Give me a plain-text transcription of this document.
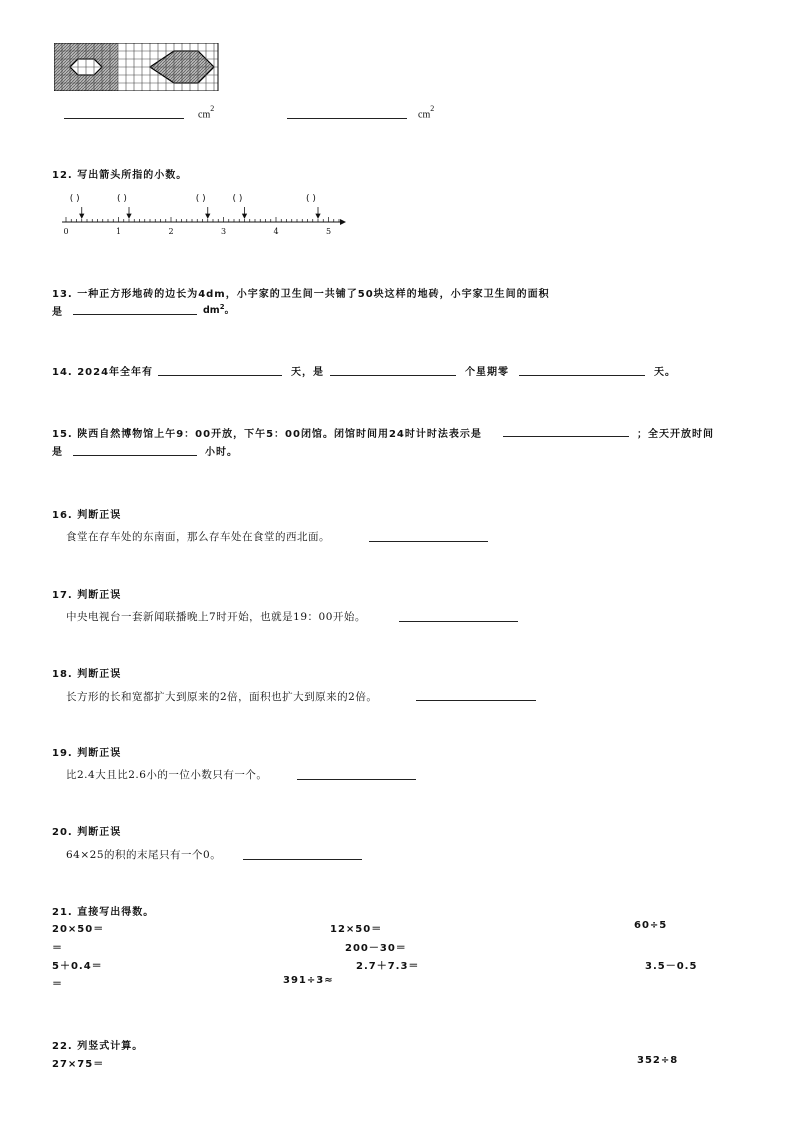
$cm^2$
$cm^2$
12. 写出箭头所指的小数。
0	1	2	3	4	5
( )	( )	( )	( )	( )
13. 一种正方形地砖的边长为4dm，小宇家的卫生间一共铺了50块这样的地砖，小宇家卫生间的面积
是	$dm^2$。
14. 2024年全年有	天，是	个星期零	天。
15. 陕西自然博物馆上午9：00开放，下午5：00闭馆。闭馆时间用24时计时法表示是	；全天开放时间
是	小时。
16. 判断正误
食堂在存车处的东南面，那么存车处在食堂的西北面。
17. 判断正误
中央电视台一套新闻联播晚上7时开始，也就是19：00开始。
18. 判断正误
长方形的长和宽都扩大到原来的2倍，面积也扩大到原来的2倍。
19. 判断正误
比2.4大且比2.6小的一位小数只有一个。
20. 判断正误
64×25的积的末尾只有一个0。
21. 直接写出得数。
20×50＝	12×50＝	60÷5
＝	200－30＝
5＋0.4＝	2.7＋7.3＝	3.5－0.5
＝	391÷3≈
22. 列竖式计算。
27×75＝	352÷8
